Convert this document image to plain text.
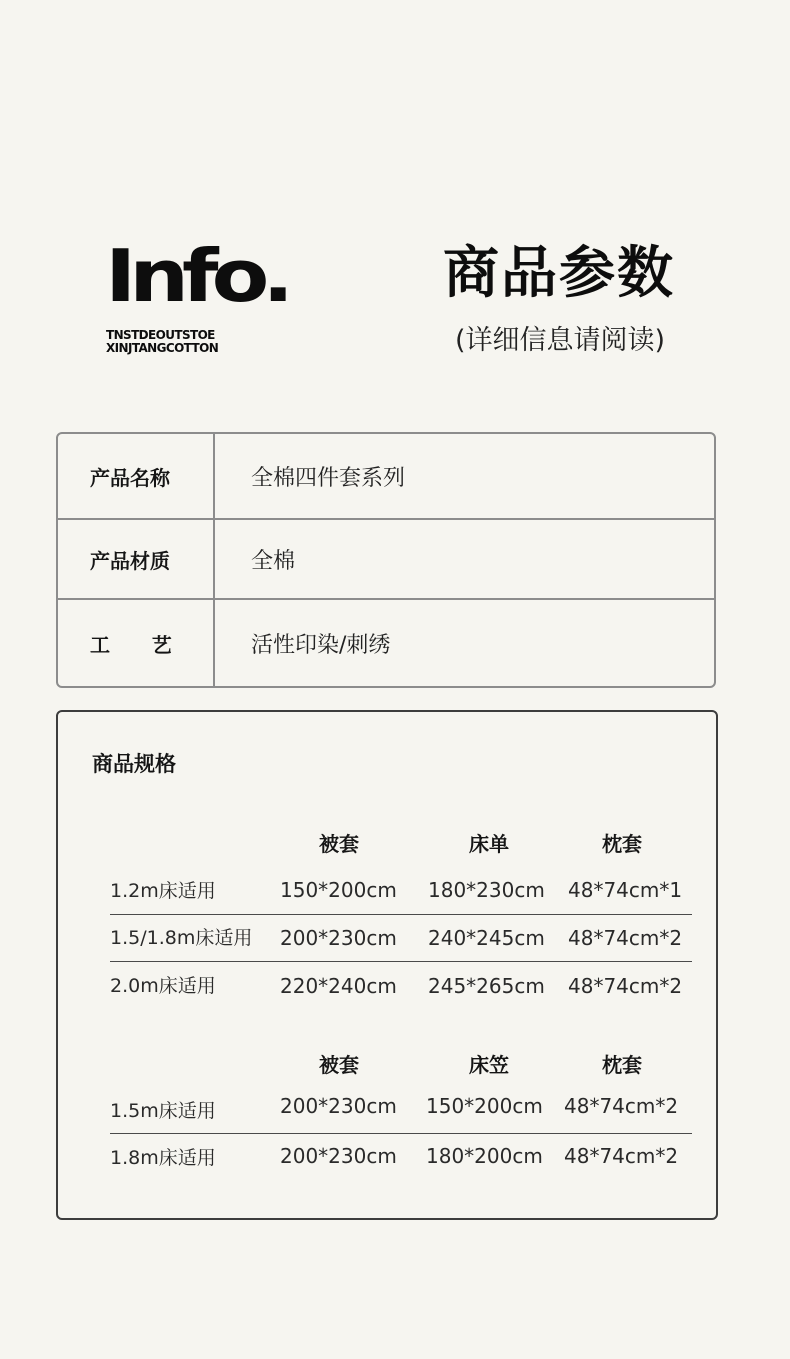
Info.
TNSTDEOUTSTOE
XINJTANGCOTTON
商品参数
(详细信息请阅读)
产品名称	全棉四件套系列
产品材质	全棉
工      艺	活性印染/刺绣
商品规格
被套	床单	枕套
1.2m床适用	150*200cm 180*230cm 48*74cm*1
1.5/1.8m床适用 200*230cm 240*245cm 48*74cm*2
2.0m床适用	220*240cm 245*265cm 48*74cm*2
被套	床笠	枕套
1.5m床适用	200*230cm 150*200cm 48*74cm*2
1.8m床适用	200*230cm 180*200cm 48*74cm*2
